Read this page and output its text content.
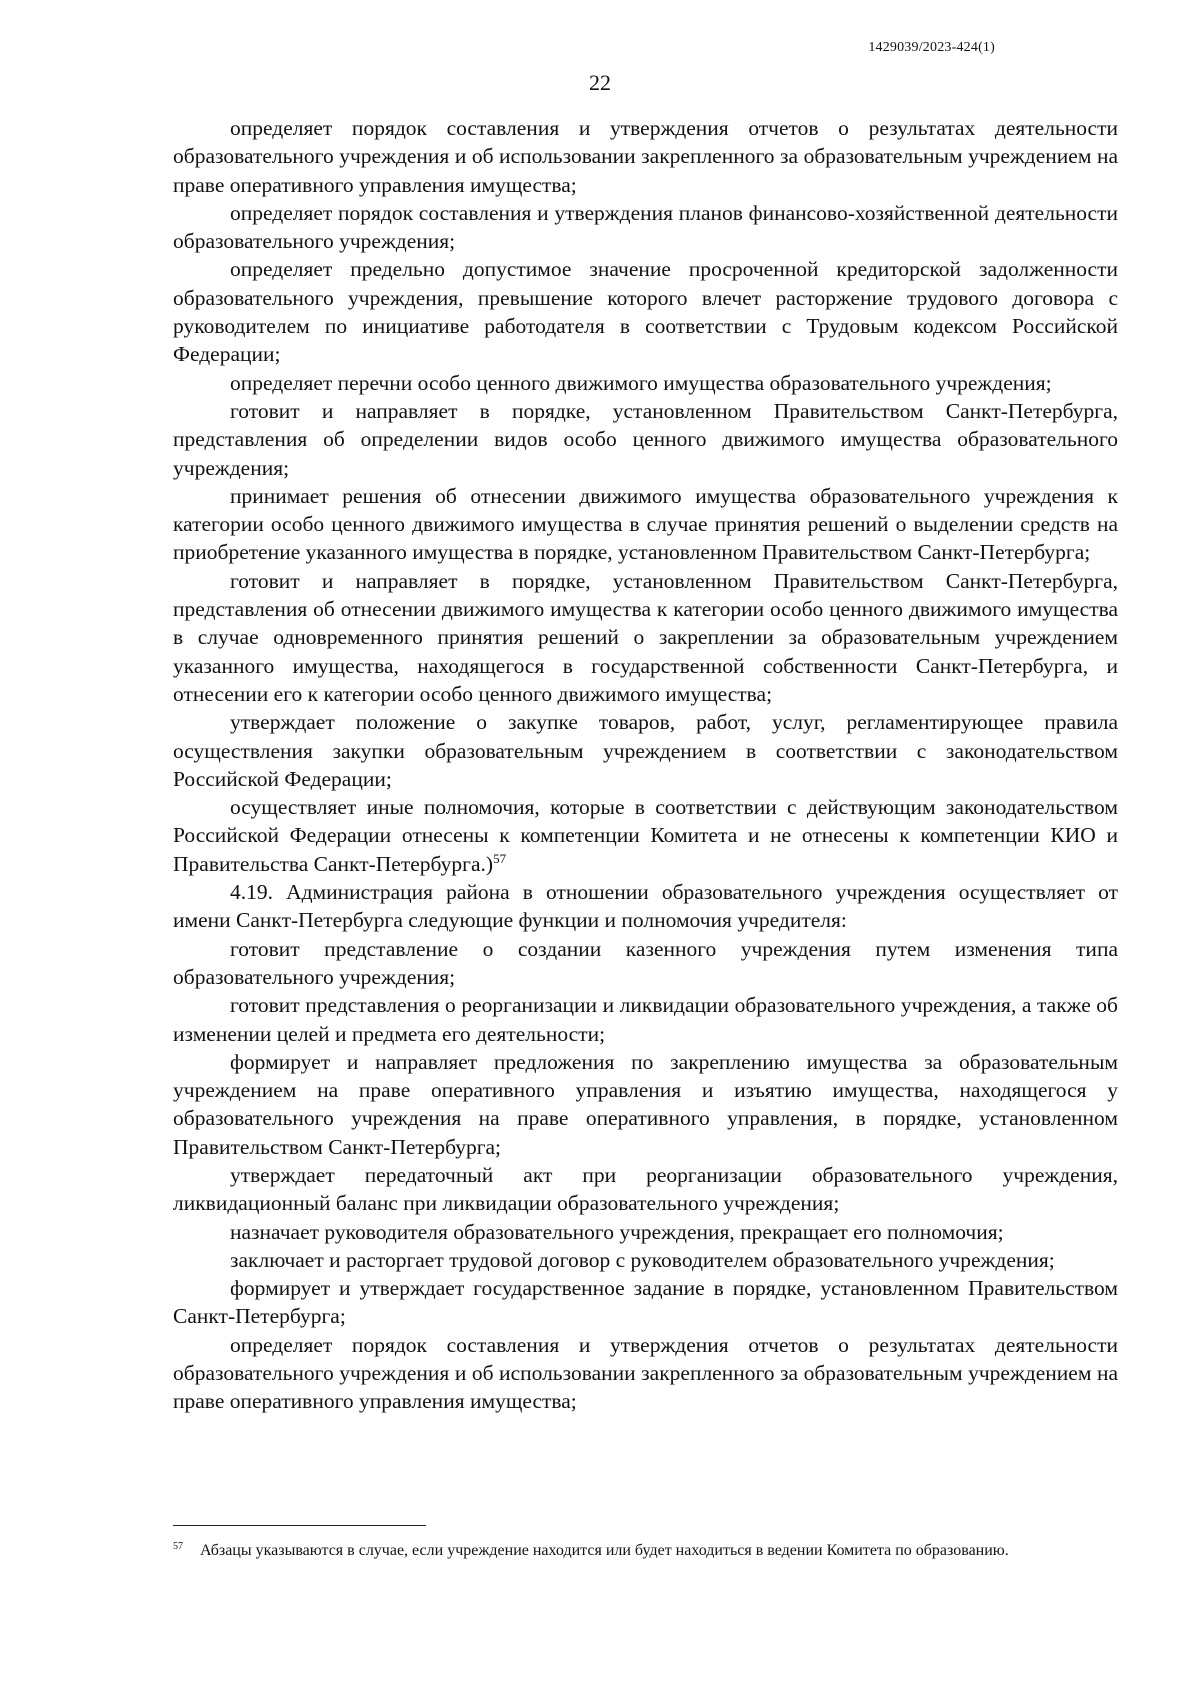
1429039/2023-424(1)
22

определяет порядок составления и утверждения отчетов о результатах деятельности образовательного учреждения и об использовании закрепленного за образовательным учреждением на праве оперативного управления имущества;

определяет порядок составления и утверждения планов финансово-хозяйственной деятельности образовательного учреждения;

определяет предельно допустимое значение просроченной кредиторской задолженности образовательного учреждения, превышение которого влечет расторжение трудового договора с руководителем по инициативе работодателя в соответствии с Трудовым кодексом Российской Федерации;

определяет перечни особо ценного движимого имущества образовательного учреждения;

готовит и направляет в порядке, установленном Правительством Санкт-Петербурга, представления об определении видов особо ценного движимого имущества образовательного учреждения;

принимает решения об отнесении движимого имущества образовательного учреждения к категории особо ценного движимого имущества в случае принятия решений о выделении средств на приобретение указанного имущества в порядке, установленном Правительством Санкт-Петербурга;

готовит и направляет в порядке, установленном Правительством Санкт-Петербурга, представления об отнесении движимого имущества к категории особо ценного движимого имущества в случае одновременного принятия решений о закреплении за образовательным учреждением указанного имущества, находящегося в государственной собственности Санкт-Петербурга, и отнесении его к категории особо ценного движимого имущества;

утверждает положение о закупке товаров, работ, услуг, регламентирующее правила осуществления закупки образовательным учреждением в соответствии с законодательством Российской Федерации;

осуществляет иные полномочия, которые в соответствии с действующим законодательством Российской Федерации отнесены к компетенции Комитета и не отнесены к компетенции КИО и Правительства Санкт-Петербурга.)$^{57}$

4.19. Администрация района в отношении образовательного учреждения осуществляет от имени Санкт-Петербурга следующие функции и полномочия учредителя:

готовит представление о создании казенного учреждения путем изменения типа образовательного учреждения;

готовит представления о реорганизации и ликвидации образовательного учреждения, а также об изменении целей и предмета его деятельности;

формирует и направляет предложения по закреплению имущества за образовательным учреждением на праве оперативного управления и изъятию имущества, находящегося у образовательного учреждения на праве оперативного управления, в порядке, установленном Правительством Санкт-Петербурга;

утверждает передаточный акт при реорганизации образовательного учреждения, ликвидационный баланс при ликвидации образовательного учреждения;

назначает руководителя образовательного учреждения, прекращает его полномочия;

заключает и расторгает трудовой договор с руководителем образовательного учреждения;

формирует и утверждает государственное задание в порядке, установленном Правительством Санкт-Петербурга;

определяет порядок составления и утверждения отчетов о результатах деятельности образовательного учреждения и об использовании закрепленного за образовательным учреждением на праве оперативного управления имущества;

57	Абзацы указываются в случае, если учреждение находится или будет находиться в ведении Комитета по образованию.
